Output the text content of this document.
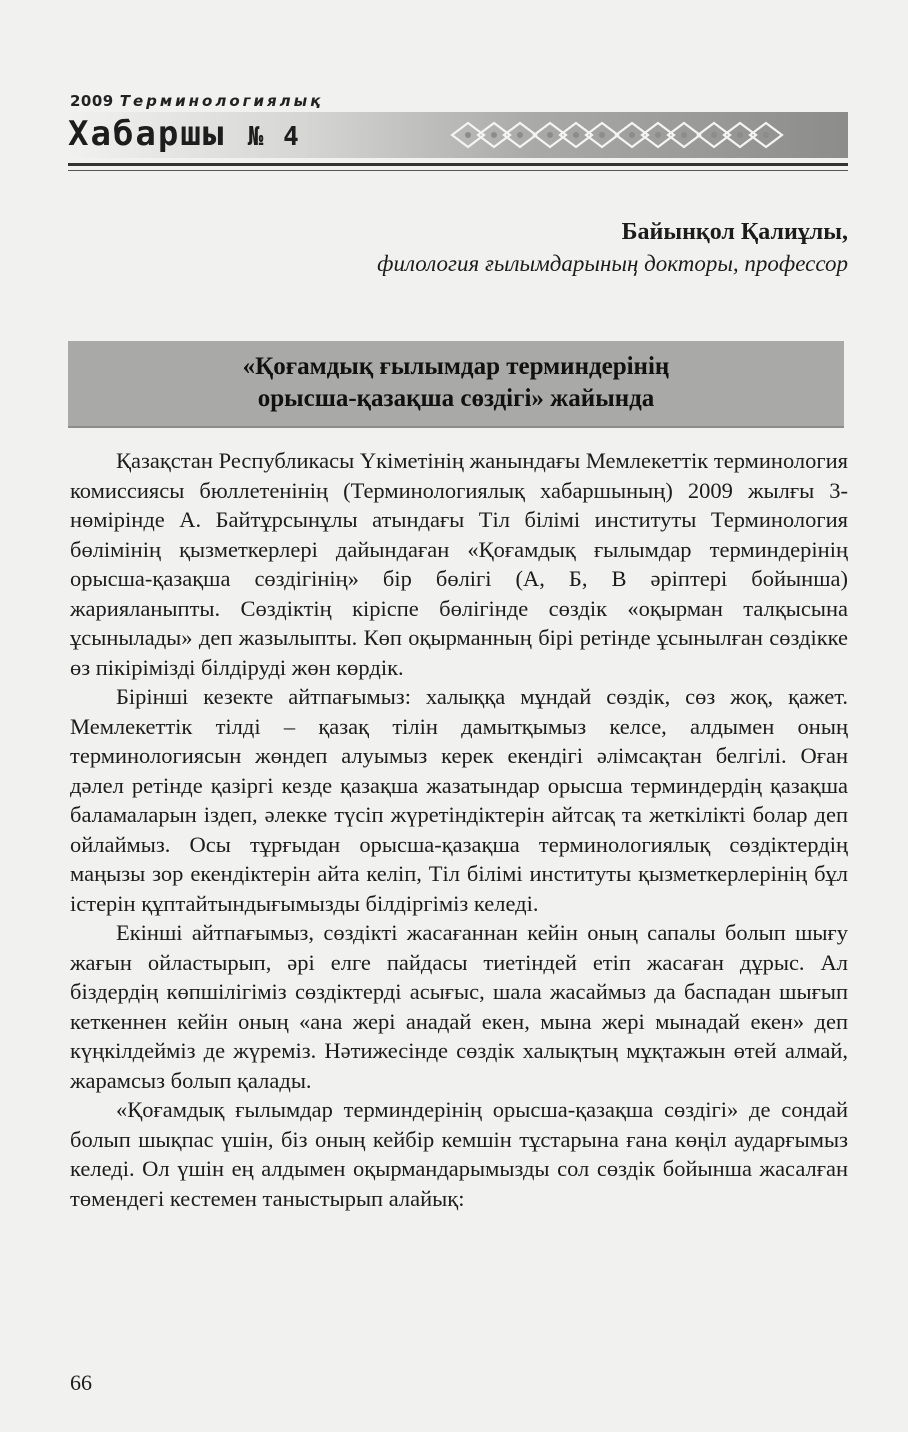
2009 Терминологиялық
Хабаршы № 4
Байынқол Қалиұлы,
филология ғылымдарының докторы, профессор
«Қоғамдық ғылымдар терминдерінің
орысша-қазақша сөздігі» жайында

Қазақстан Республикасы Үкіметінің жанындағы Мемлекеттік терминология комиссиясы бюллетенінің (Терминологиялық хабаршының) 2009 жылғы 3-нөмірінде А. Байтұрсынұлы атындағы Тіл білімі институты Терминология бөлімінің қызметкерлері дайындаған «Қоғамдық ғылымдар терминдерінің орысша-қазақша сөздігінің» бір бөлігі (А, Б, В әріптері бойынша) жарияланыпты. Сөздіктің кіріспе бөлігінде сөздік «оқырман талқысына ұсынылады» деп жазылыпты. Көп оқырманның бірі ретінде ұсынылған сөздікке өз пікірімізді білдіруді жөн көрдік.

Бірінші кезекте айтпағымыз: халыққа мұндай сөздік, сөз жоқ, қажет. Мемлекеттік тілді – қазақ тілін дамытқымыз келсе, алдымен оның терминологиясын жөндеп алуымыз керек екендігі әлімсақтан белгілі. Оған дәлел ретінде қазіргі кезде қазақша жазатындар орысша терминдердің қазақша баламаларын іздеп, әлекке түсіп жүретіндіктерін айтсақ та жеткілікті болар деп ойлаймыз. Осы тұрғыдан орысша-қазақша терминологиялық сөздіктердің маңызы зор екендіктерін айта келіп, Тіл білімі институты қызметкерлерінің бұл істерін құптайтындығымызды білдіргіміз келеді.

Екінші айтпағымыз, сөздікті жасағаннан кейін оның сапалы болып шығу жағын ойластырып, әрі елге пайдасы тиетіндей етіп жасаған дұрыс. Ал біздердің көпшілігіміз сөздіктерді асығыс, шала жасаймыз да баспадан шығып кеткеннен кейін оның «ана жері анадай екен, мына жері мынадай екен» деп күңкілдейміз де жүреміз. Нәтижесінде сөздік халықтың мұқтажын өтей алмай, жарамсыз болып қалады.

«Қоғамдық ғылымдар терминдерінің орысша-қазақша сөздігі» де сондай болып шықпас үшін, біз оның кейбір кемшін тұстарына ғана көңіл аударғымыз келеді. Ол үшін ең алдымен оқырмандарымызды сол сөздік бойынша жасалған төмендегі кестемен таныстырып алайық:

66
